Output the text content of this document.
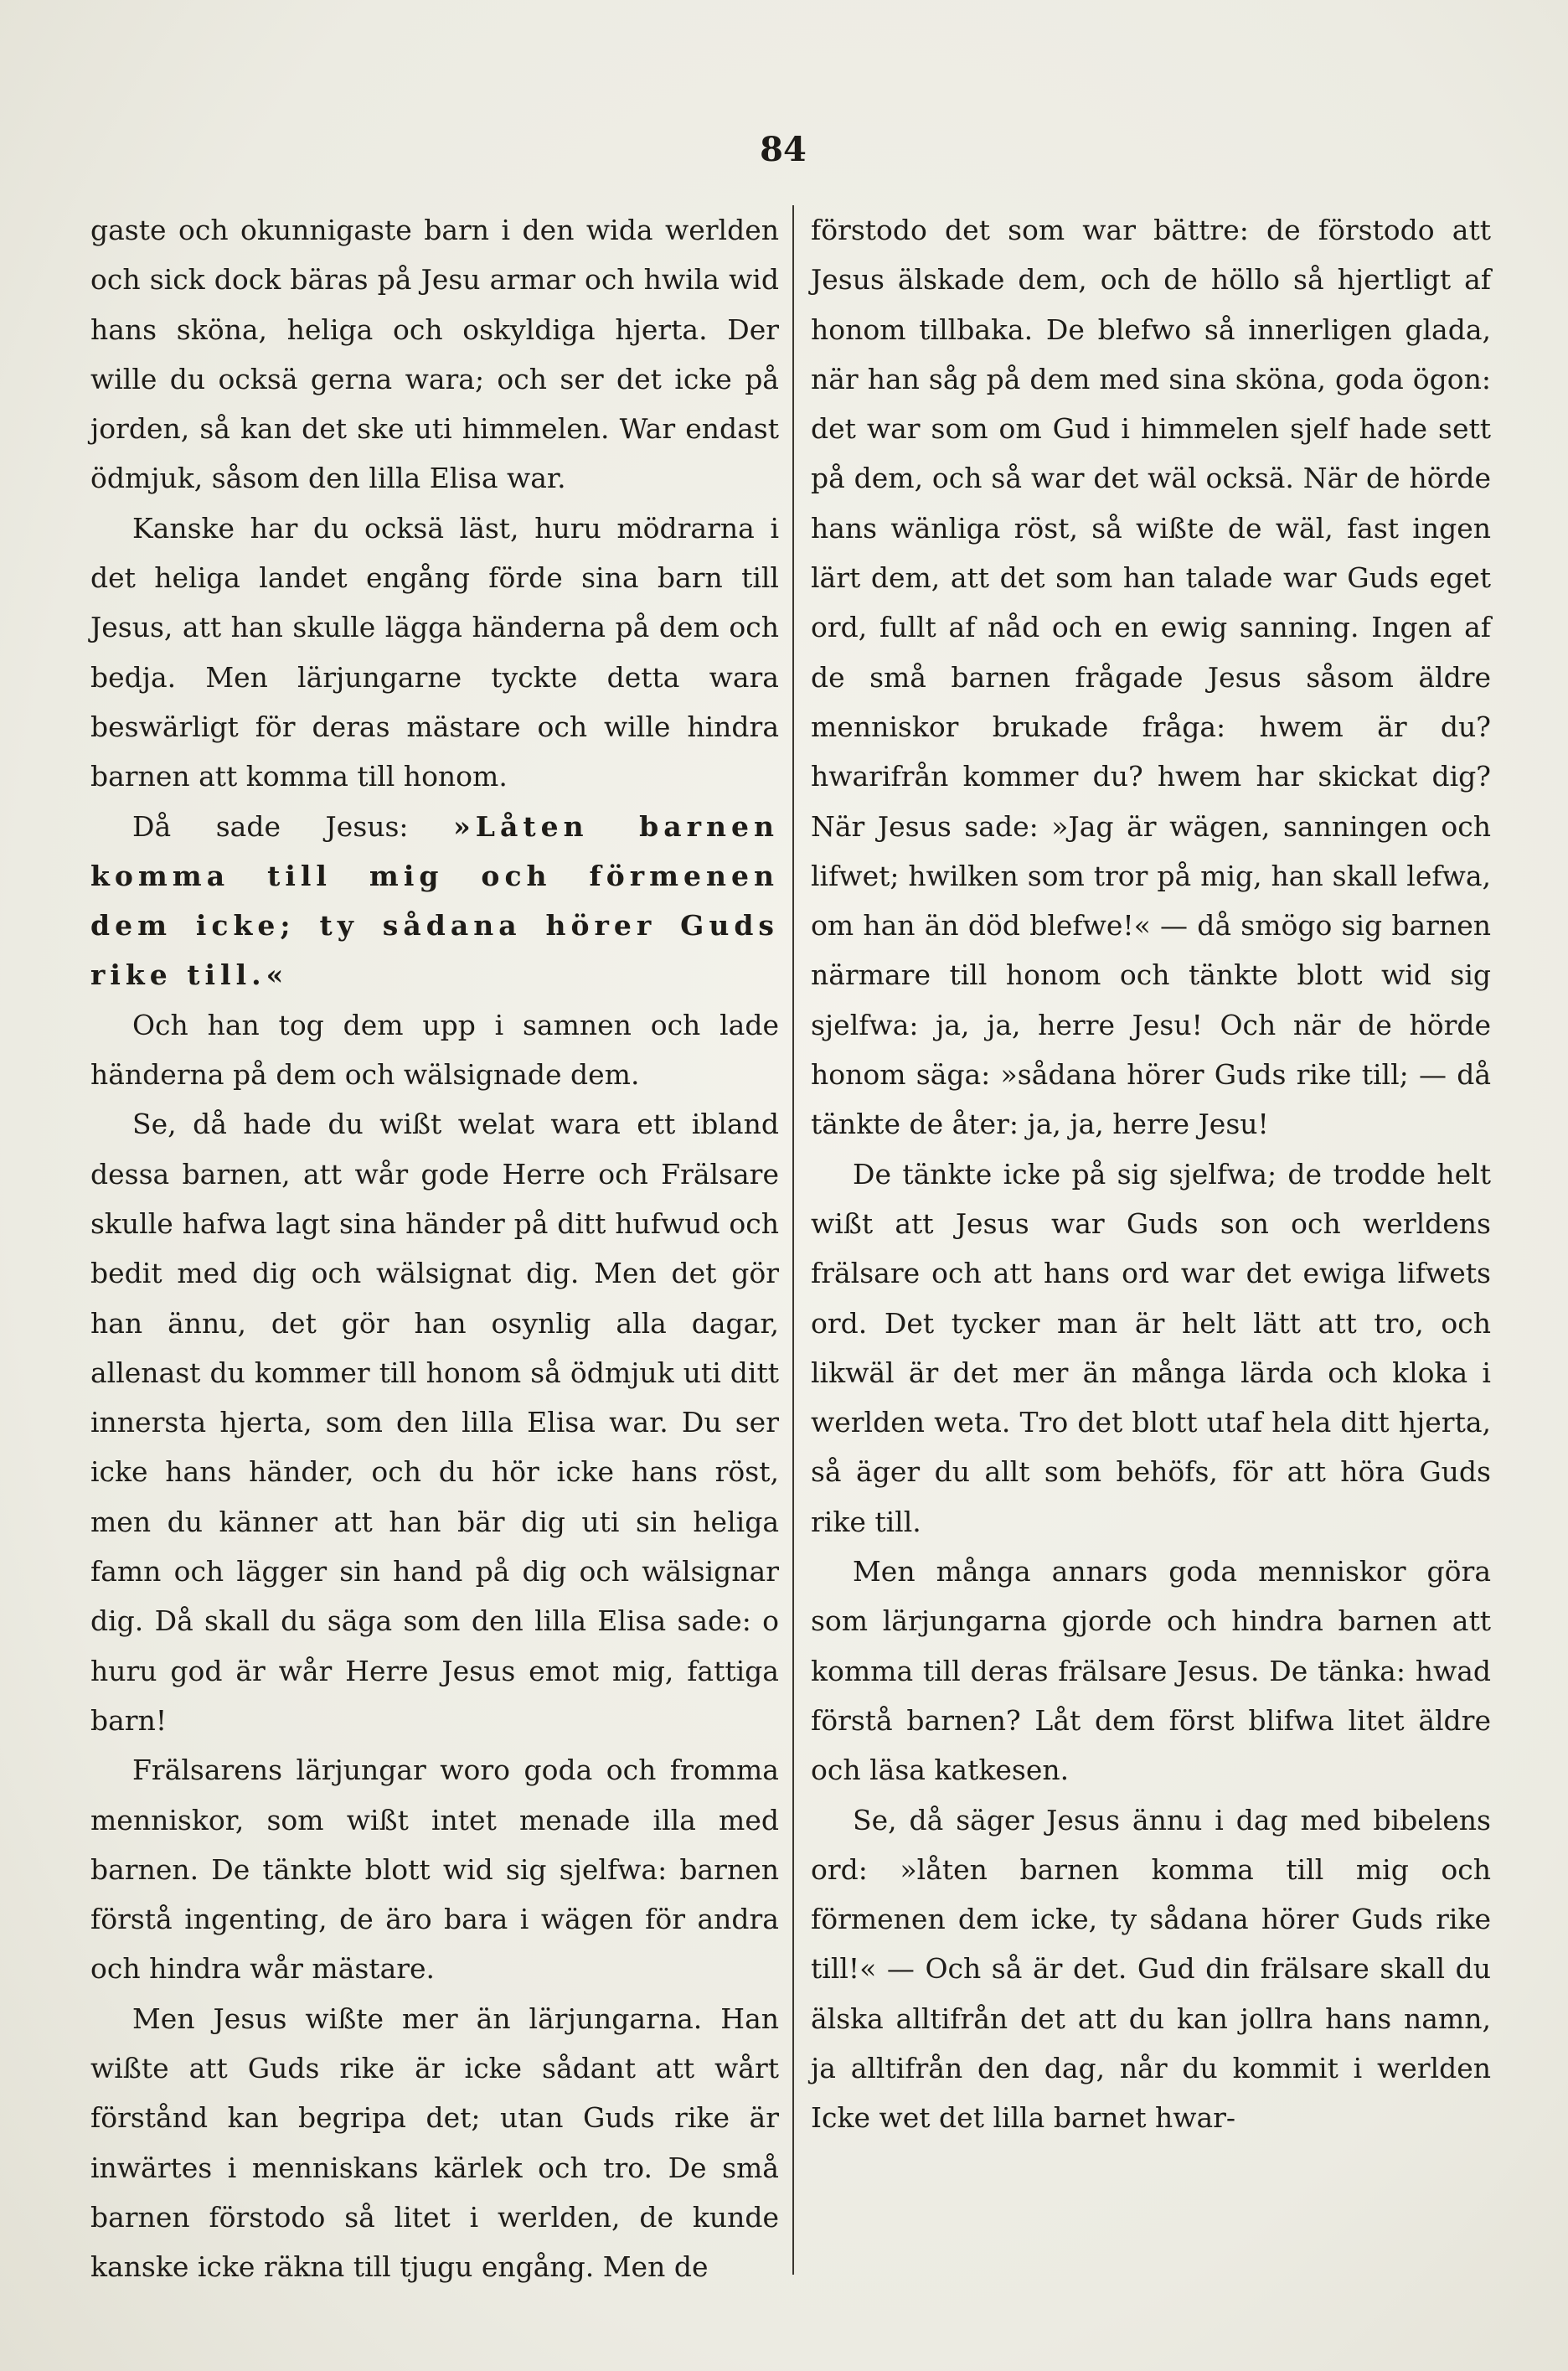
84

gaste och okunnigaste barn i den wida werlden och sick dock bäras på Jesu armar och hwila wid hans sköna, heliga och oskyldiga hjerta. Der wille du ocksä gerna wara; och ser det icke på jorden, så kan det ske uti himmelen. War endast ödmjuk, såsom den lilla Elisa war.

Kanske har du ocksä läst, huru mödrarna i det heliga landet engång förde sina barn till Jesus, att han skulle lägga händerna på dem och bedja. Men lärjungarne tyckte detta wara beswärligt för deras mästare och wille hindra barnen att komma till honom.

Då sade Jesus: »Låten barnen komma till mig och förmenen dem icke; ty sådana hörer Guds rike till.«

Och han tog dem upp i samnen och lade händerna på dem och wälsignade dem.

Se, då hade du wißt welat wara ett ibland dessa barnen, att wår gode Herre och Frälsare skulle hafwa lagt sina händer på ditt hufwud och bedit med dig och wälsignat dig. Men det gör han ännu, det gör han osynlig alla dagar, allenast du kommer till honom så ödmjuk uti ditt innersta hjerta, som den lilla Elisa war. Du ser icke hans händer, och du hör icke hans röst, men du känner att han bär dig uti sin heliga famn och lägger sin hand på dig och wälsignar dig. Då skall du säga som den lilla Elisa sade: o huru god är wår Herre Jesus emot mig, fattiga barn!

Frälsarens lärjungar woro goda och fromma menniskor, som wißt intet menade illa med barnen. De tänkte blott wid sig sjelfwa: barnen förstå ingenting, de äro bara i wägen för andra och hindra wår mästare.

Men Jesus wißte mer än lärjungarna. Han wißte att Guds rike är icke sådant att wårt förstånd kan begripa det; utan Guds rike är inwärtes i menniskans kärlek och tro. De små barnen förstodo så litet i werlden, de kunde kanske icke räkna till tjugu engång. Men de

förstodo det som war bättre: de förstodo att Jesus älskade dem, och de höllo så hjertligt af honom tillbaka. De blefwo så innerligen glada, när han såg på dem med sina sköna, goda ögon: det war som om Gud i himmelen sjelf hade sett på dem, och så war det wäl ocksä. När de hörde hans wänliga röst, så wißte de wäl, fast ingen lärt dem, att det som han talade war Guds eget ord, fullt af nåd och en ewig sanning. Ingen af de små barnen frågade Jesus såsom äldre menniskor brukade fråga: hwem är du? hwarifrån kommer du? hwem har skickat dig? När Jesus sade: »Jag är wägen, sanningen och lifwet; hwilken som tror på mig, han skall lefwa, om han än död blefwe!« — då smögo sig barnen närmare till honom och tänkte blott wid sig sjelfwa: ja, ja, herre Jesu! Och när de hörde honom säga: »sådana hörer Guds rike till; — då tänkte de åter: ja, ja, herre Jesu!

De tänkte icke på sig sjelfwa; de trodde helt wißt att Jesus war Guds son och werldens frälsare och att hans ord war det ewiga lifwets ord. Det tycker man är helt lätt att tro, och likwäl är det mer än många lärda och kloka i werlden weta. Tro det blott utaf hela ditt hjerta, så äger du allt som behöfs, för att höra Guds rike till.

Men många annars goda menniskor göra som lärjungarna gjorde och hindra barnen att komma till deras frälsare Jesus. De tänka: hwad förstå barnen? Låt dem först blifwa litet äldre och läsa katkesen.

Se, då säger Jesus ännu i dag med bibelens ord: »låten barnen komma till mig och förmenen dem icke, ty sådana hörer Guds rike till!« — Och så är det. Gud din frälsare skall du älska alltifrån det att du kan jollra hans namn, ja alltifrån den dag, når du kommit i werlden Icke wet det lilla barnet hwar-
